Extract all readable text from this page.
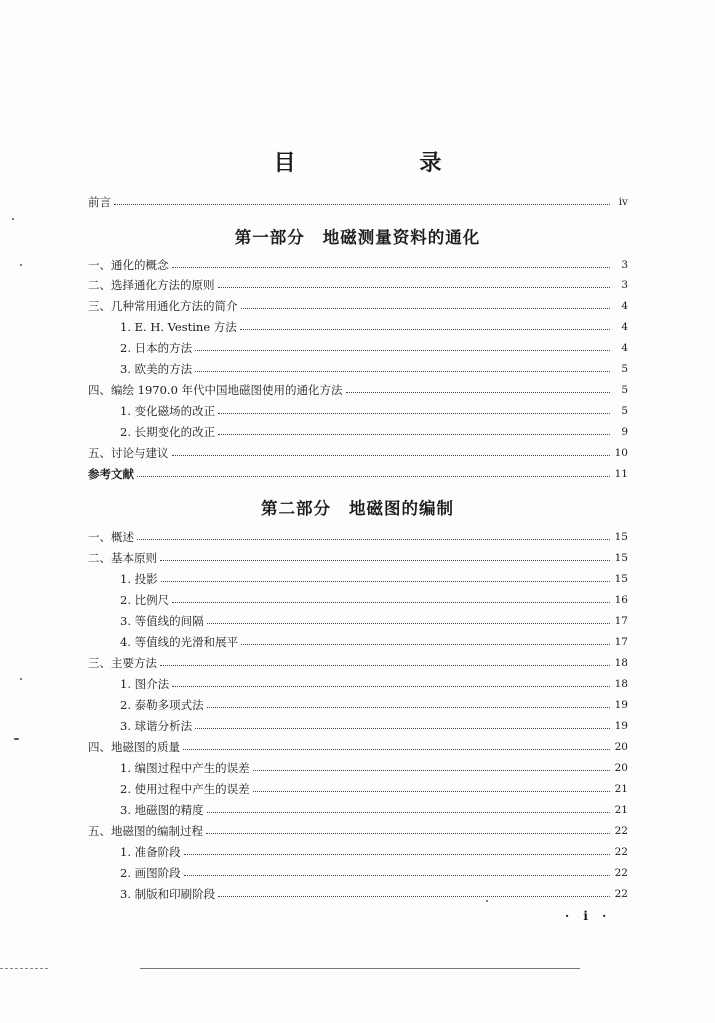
目 录
前言	iv
一、通化的概念	3
二、选择通化方法的原则	3
三、几种常用通化方法的简介	4
1. E. H. Vestine 方法	4
2. 日本的方法	4
3. 欧美的方法	5
四、编绘 1970.0 年代中国地磁图使用的通化方法	5
1. 变化磁场的改正	5
2. 长期变化的改正	9
五、讨论与建议	10
参考文献	11
一、概述	15
二、基本原则	15
1. 投影	15
2. 比例尺	16
3. 等值线的间隔	17
4. 等值线的光滑和展平	17
三、主要方法	18
1. 图介法	18
2. 泰勒多项式法	19
3. 球谐分析法	19
四、地磁图的质量	20
1. 编图过程中产生的误差	20
2. 使用过程中产生的误差	21
3. 地磁图的精度	21
五、地磁图的编制过程	22
1. 准备阶段	22
2. 画图阶段	22
3. 制版和印刷阶段	22
第一部分 地磁测量资料的通化
第二部分 地磁图的编制
· i ·
